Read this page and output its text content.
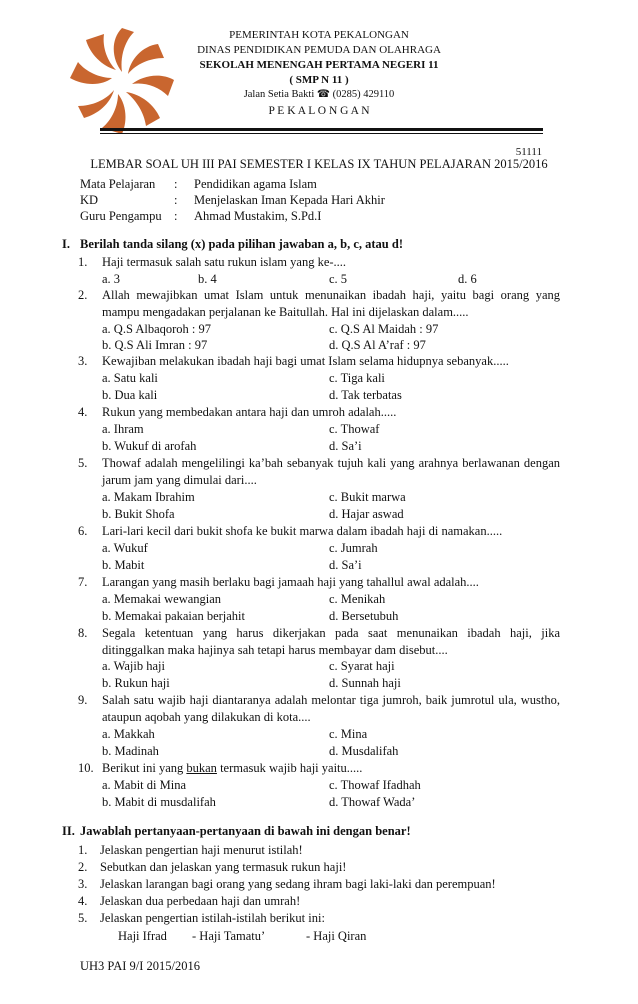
PEMERINTAH KOTA PEKALONGAN
DINAS PENDIDIKAN PEMUDA DAN OLAHRAGA
SEKOLAH MENENGAH PERTAMA NEGERI 11
( SMP N 11 )
Jalan Setia Bakti ☎ (0285) 429110
P E K A L O N G A N
51111
LEMBAR SOAL UH III PAI SEMESTER I KELAS IX TAHUN PELAJARAN 2015/2016
Mata Pelajaran : Pendidikan agama Islam
KD	: Menjelaskan Iman Kepada Hari Akhir
Guru Pengampu : Ahmad Mustakim, S.Pd.I
I. Berilah tanda silang (x) pada pilihan jawaban a, b, c, atau d!
1. Haji termasuk salah satu rukun islam yang ke-....
a. 3	b. 4	c. 5	d. 6
2. Allah mewajibkan umat Islam untuk menunaikan ibadah haji, yaitu bagi orang yang mampu mengadakan perjalanan ke Baitullah. Hal ini dijelaskan dalam.....
a. Q.S Albaqoroh : 97	c. Q.S Al Maidah : 97
b. Q.S Ali Imran : 97	d. Q.S Al A’raf : 97
3. Kewajiban melakukan ibadah haji bagi umat Islam selama hidupnya sebanyak.....
a. Satu kali	c. Tiga kali
b. Dua kali	d. Tak terbatas
4. Rukun yang membedakan antara haji dan umroh adalah.....
a. Ihram	c. Thowaf
b. Wukuf di arofah	d. Sa’i
5. Thowaf adalah mengelilingi ka’bah sebanyak tujuh kali yang arahnya berlawanan dengan jarum jam yang dimulai dari....
a. Makam Ibrahim	c. Bukit marwa
b. Bukit Shofa	d. Hajar aswad
6. Lari-lari kecil dari bukit shofa ke bukit marwa dalam ibadah haji di namakan.....
a. Wukuf	c. Jumrah
b. Mabit	d. Sa’i
7. Larangan yang masih berlaku bagi jamaah haji yang tahallul awal adalah....
a. Memakai wewangian	c. Menikah
b. Memakai pakaian berjahit	d. Bersetubuh
8. Segala ketentuan yang harus dikerjakan pada saat menunaikan ibadah haji, jika ditinggalkan maka hajinya sah tetapi harus membayar dam disebut....
a. Wajib haji	c. Syarat haji
b. Rukun haji	d. Sunnah haji
9. Salah satu wajib haji diantaranya adalah melontar tiga jumroh, baik jumrotul ula, wustho, ataupun aqobah yang dilakukan di kota....
a. Makkah	c. Mina
b. Madinah	d. Musdalifah
10. Berikut ini yang bukan termasuk wajib haji yaitu.....
a. Mabit di Mina	c. Thowaf Ifadhah
b. Mabit di musdalifah	d. Thowaf Wada’
II. Jawablah pertanyaan-pertanyaan di bawah ini dengan benar!
1. Jelaskan pengertian haji menurut istilah!
2. Sebutkan dan jelaskan yang termasuk rukun haji!
3. Jelaskan larangan bagi orang yang sedang ihram bagi laki-laki dan perempuan!
4. Jelaskan dua perbedaan haji dan umrah!
5. Jelaskan pengertian istilah-istilah berikut ini:
Haji Ifrad - Haji Tamatu’	- Haji Qiran
UH3 PAI 9/I 2015/2016
